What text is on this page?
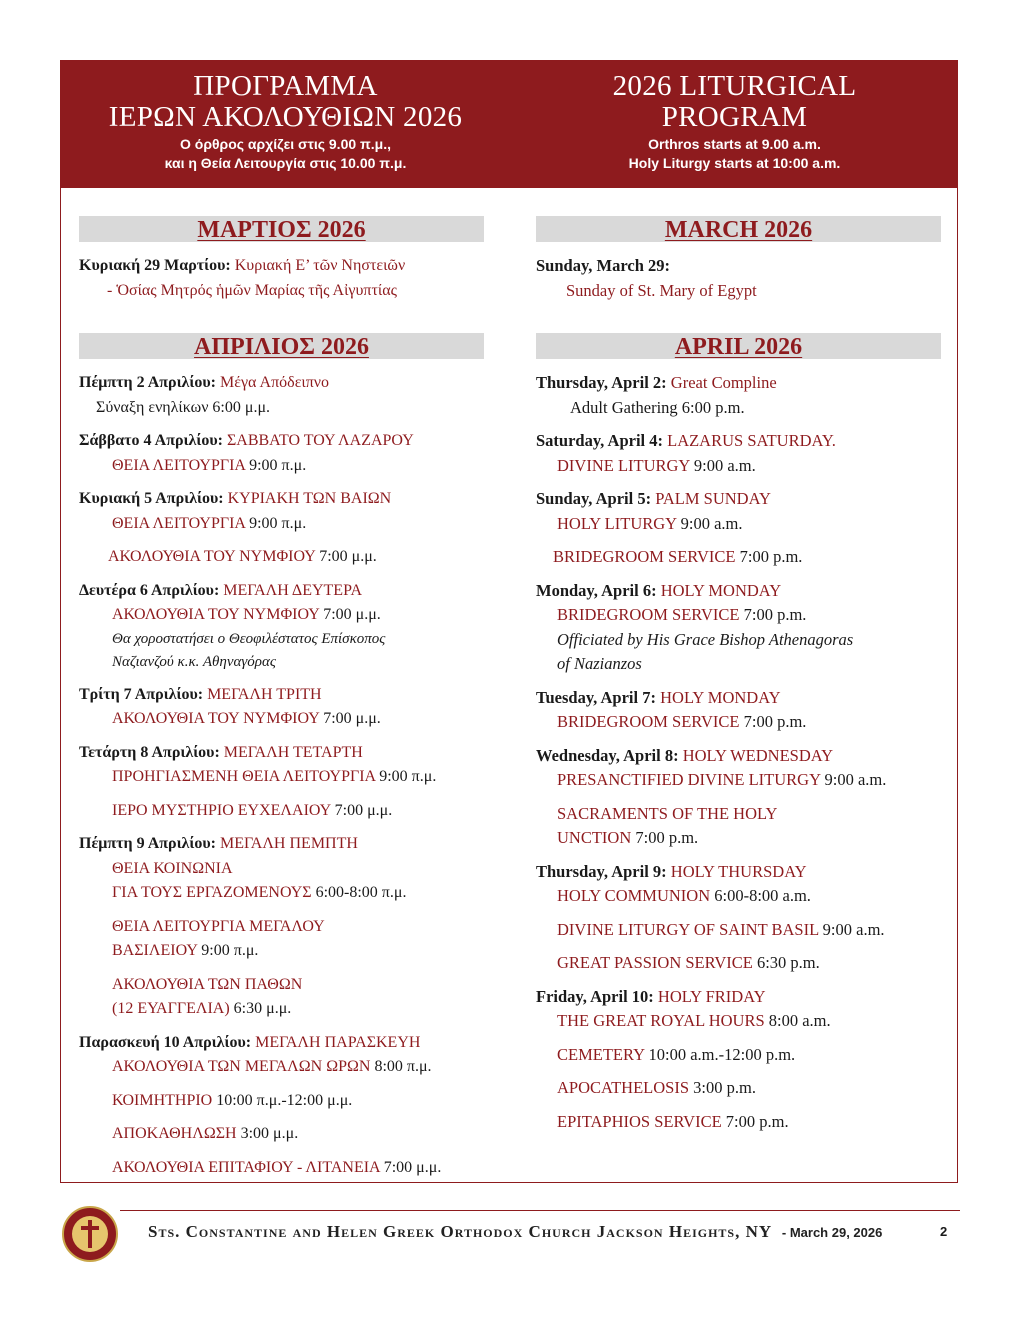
ΠΡΟΓΡΑΜΜΑ
ΙΕΡΩΝ ΑΚΟΛΟΥΘΙΩΝ 2026
Ο όρθρος αρχίζει στις 9.00 π.μ.,
και η Θεία Λειτουργία στις 10.00 π.μ.
2026 LITURGICAL
PROGRAM
Orthros starts at 9.00 a.m.
Holy Liturgy starts at 10:00 a.m.
ΜΑΡΤΙΟΣ 2026
Κυριακή 29 Μαρτίου: Κυριακή Ε’ τῶν Νηστειῶν
- Ὁσίας Μητρός ἡμῶν Μαρίας τῆς Αἰγυπτίας
ΑΠΡΙΛΙΟΣ 2026
Πέμπτη 2 Απριλίου: Μέγα Απόδειπνο
Σύναξη ενηλίκων 6:00 μ.μ.
Σάββατο 4 Απριλίου: ΣΑΒΒΑΤΟ ΤΟΥ ΛΑΖΑΡΟΥ
ΘΕΙΑ ΛΕΙΤΟΥΡΓΙΑ 9:00 π.μ.
Κυριακή 5 Απριλίου: ΚΥΡΙΑΚΗ ΤΩΝ ΒΑΙΩΝ
ΘΕΙΑ ΛΕΙΤΟΥΡΓΙΑ 9:00 π.μ.
ΑΚΟΛΟΥΘΙΑ ΤΟΥ ΝΥΜΦΙΟΥ 7:00 μ.μ.
Δευτέρα 6 Απριλίου: ΜΕΓΑΛΗ ΔΕΥΤΕΡΑ
ΑΚΟΛΟΥΘΙΑ ΤΟΥ ΝΥΜΦΙΟΥ 7:00 μ.μ.
Θα χοροστατήσει ο Θεοφιλέστατος Επίσκοπος
Ναζιανζού κ.κ. Αθηναγόρας
Τρίτη 7 Απριλίου: ΜΕΓΑΛΗ ΤΡΙΤΗ
ΑΚΟΛΟΥΘΙΑ ΤΟΥ ΝΥΜΦΙΟΥ 7:00 μ.μ.
Τετάρτη 8 Απριλίου: ΜΕΓΑΛΗ ΤΕΤΑΡΤΗ
ΠΡΟΗΓΙΑΣΜΕΝΗ ΘΕΙΑ ΛΕΙΤΟΥΡΓΙΑ 9:00 π.μ.
ΙΕΡΟ ΜΥΣΤΗΡΙΟ ΕΥΧΕΛΑΙΟΥ 7:00 μ.μ.
Πέμπτη 9 Απριλίου: ΜΕΓΑΛΗ ΠΕΜΠΤΗ
ΘΕΙΑ ΚΟΙΝΩΝΙΑ
ΓΙΑ ΤΟΥΣ ΕΡΓΑΖΟΜΕΝΟΥΣ 6:00-8:00 π.μ.
ΘΕΙΑ ΛΕΙΤΟΥΡΓΙΑ ΜΕΓΑΛΟΥ
ΒΑΣΙΛΕΙΟΥ 9:00 π.μ.
ΑΚΟΛΟΥΘΙΑ ΤΩΝ ΠΑΘΩΝ
(12 ΕΥΑΓΓΕΛΙΑ) 6:30 μ.μ.
Παρασκευή 10 Απριλίου: ΜΕΓΑΛΗ ΠΑΡΑΣΚΕΥΗ
ΑΚΟΛΟΥΘΙΑ ΤΩΝ ΜΕΓΑΛΩΝ ΩΡΩΝ 8:00 π.μ.
ΚΟΙΜΗΤΗΡΙΟ 10:00 π.μ.-12:00 μ.μ.
ΑΠΟΚΑΘΗΛΩΣΗ 3:00 μ.μ.
ΑΚΟΛΟΥΘΙΑ ΕΠΙΤΑΦΙΟΥ - ΛΙΤΑΝΕΙΑ 7:00 μ.μ.
MARCH 2026
Sunday, March 29:
Sunday of St. Mary of Egypt
APRIL 2026
Thursday, April 2: Great Compline
Adult Gathering 6:00 p.m.
Saturday, April 4: LAZARUS SATURDAY.
DIVINE LITURGY 9:00 a.m.
Sunday, April 5: PALM SUNDAY
HOLY LITURGY 9:00 a.m.
BRIDEGROOM SERVICE 7:00 p.m.
Monday, April 6: HOLY MONDAY
BRIDEGROOM SERVICE 7:00 p.m.
Officiated by His Grace Bishop Athenagoras
of Nazianzos
Tuesday, April 7: HOLY MONDAY
BRIDEGROOM SERVICE 7:00 p.m.
Wednesday, April 8: HOLY WEDNESDAY
PRESANCTIFIED DIVINE LITURGY 9:00 a.m.
SACRAMENTS OF THE HOLY
UNCTION 7:00 p.m.
Thursday, April 9: HOLY THURSDAY
HOLY COMMUNION 6:00-8:00 a.m.
DIVINE LITURGY OF SAINT BASIL 9:00 a.m.
GREAT PASSION SERVICE 6:30 p.m.
Friday, April 10: HOLY FRIDAY
THE GREAT ROYAL HOURS 8:00 a.m.
CEMETERY 10:00 a.m.-12:00 p.m.
APOCATHELOSIS 3:00 p.m.
EPITAPHIOS SERVICE 7:00 p.m.
Sts. Constantine and Helen Greek Orthodox Church Jackson Heights, NY - March 29, 2026	2
